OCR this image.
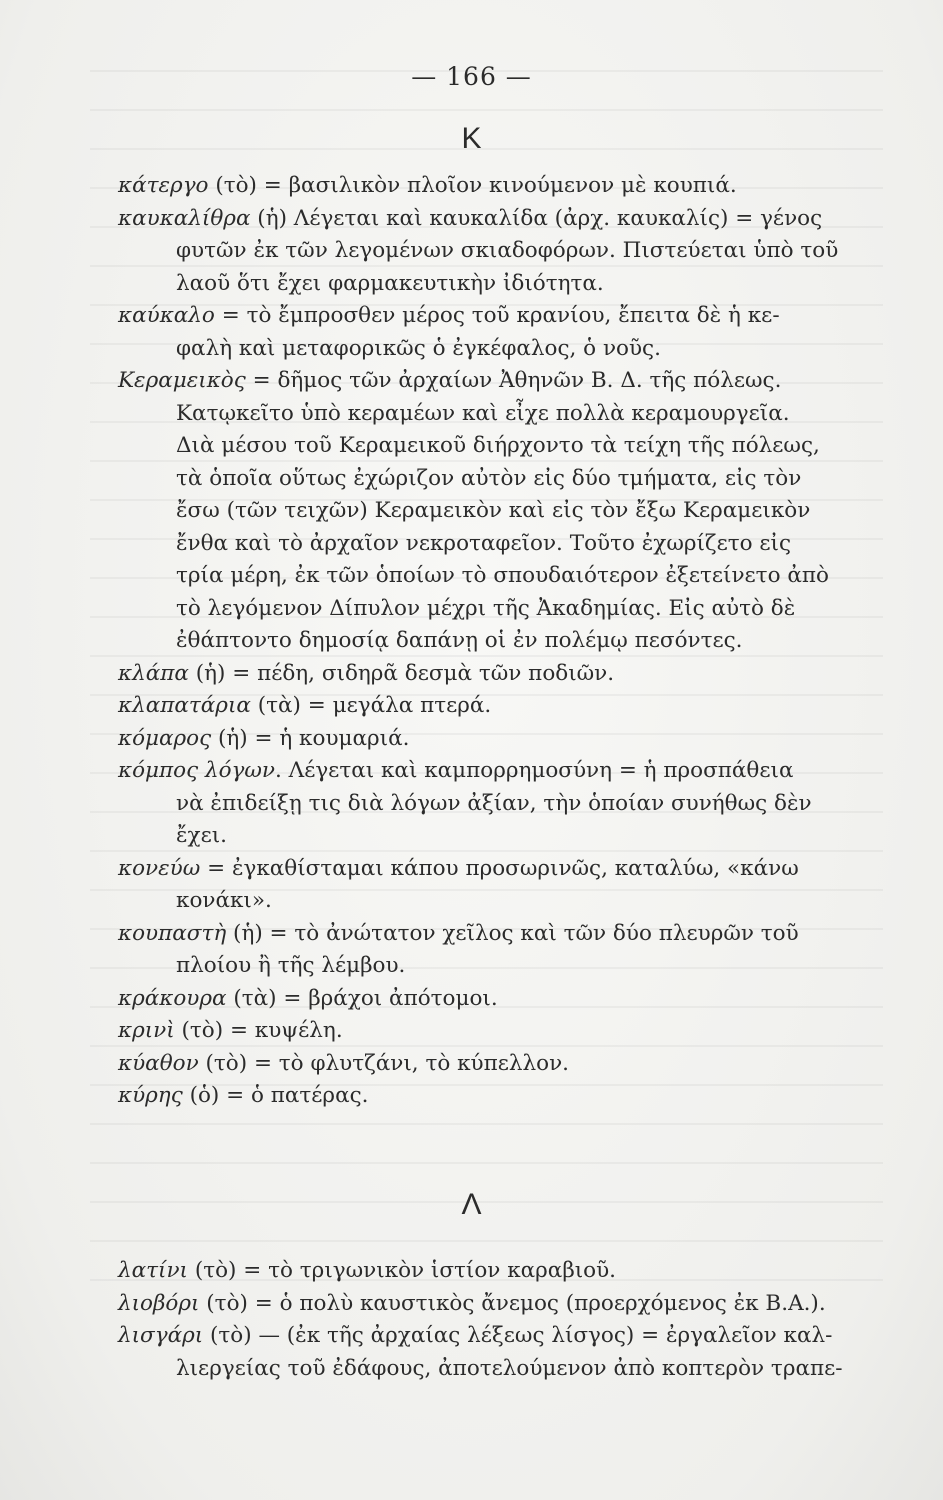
— 166 —
Κ
κάτεργο (τὸ) = βασιλικὸν πλοῖον κινούμενον μὲ κουπιά.
καυκαλίθρα (ἡ) Λέγεται καὶ καυκαλίδα (ἀρχ. καυκαλίς) = γένος
φυτῶν ἐκ τῶν λεγομένων σκιαδοφόρων. Πιστεύεται ὑπὸ τοῦ
λαοῦ ὅτι ἔχει φαρμακευτικὴν ἰδιότητα.
καύκαλο = τὸ ἔμπροσθεν μέρος τοῦ κρανίου, ἔπειτα δὲ ἡ κε-
φαλὴ καὶ μεταφορικῶς ὁ ἐγκέφαλος, ὁ νοῦς.
Κεραμεικὸς = δῆμος τῶν ἀρχαίων Ἀθηνῶν Β. Δ. τῆς πόλεως.
Κατῳκεῖτο ὑπὸ κεραμέων καὶ εἶχε πολλὰ κεραμουργεῖα.
Διὰ μέσου τοῦ Κεραμεικοῦ διήρχοντο τὰ τείχη τῆς πόλεως,
τὰ ὁποῖα οὕτως ἐχώριζον αὐτὸν εἰς δύο τμήματα, εἰς τὸν
ἔσω (τῶν τειχῶν) Κεραμεικὸν καὶ εἰς τὸν ἔξω Κεραμεικὸν
ἔνθα καὶ τὸ ἀρχαῖον νεκροταφεῖον. Τοῦτο ἐχωρίζετο εἰς
τρία μέρη, ἐκ τῶν ὁποίων τὸ σπουδαιότερον ἐξετείνετο ἀπὸ
τὸ λεγόμενον Δίπυλον μέχρι τῆς Ἀκαδημίας. Εἰς αὐτὸ δὲ
ἐθάπτοντο δημοσίᾳ δαπάνῃ οἱ ἐν πολέμῳ πεσόντες.
κλάπα (ἡ) = πέδη, σιδηρᾶ δεσμὰ τῶν ποδιῶν.
κλαπατάρια (τὰ) = μεγάλα πτερά.
κόμαρος (ἡ) = ἡ κουμαριά.
κόμπος λόγων. Λέγεται καὶ καμπορρημοσύνη = ἡ προσπάθεια
νὰ ἐπιδείξῃ τις διὰ λόγων ἀξίαν, τὴν ὁποίαν συνήθως δὲν
ἔχει.
κονεύω = ἐγκαθίσταμαι κάπου προσωρινῶς, καταλύω, «κάνω
κονάκι».
κουπαστὴ (ἡ) = τὸ ἀνώτατον χεῖλος καὶ τῶν δύο πλευρῶν τοῦ
πλοίου ἢ τῆς λέμβου.
κράκουρα (τὰ) = βράχοι ἀπότομοι.
κρινὶ (τὸ) = κυψέλη.
κύαθον (τὸ) = τὸ φλυτζάνι, τὸ κύπελλον.
κύρης (ὁ) = ὁ πατέρας.
Λ
λατίνι (τὸ) = τὸ τριγωνικὸν ἱστίον καραβιοῦ.
λιοβόρι (τὸ) = ὁ πολὺ καυστικὸς ἄνεμος (προερχόμενος ἐκ Β.Α.).
λισγάρι (τὸ) — (ἐκ τῆς ἀρχαίας λέξεως λίσγος) = ἐργαλεῖον καλ-
λιεργείας τοῦ ἐδάφους, ἀποτελούμενον ἀπὸ κοπτερὸν τραπε-
